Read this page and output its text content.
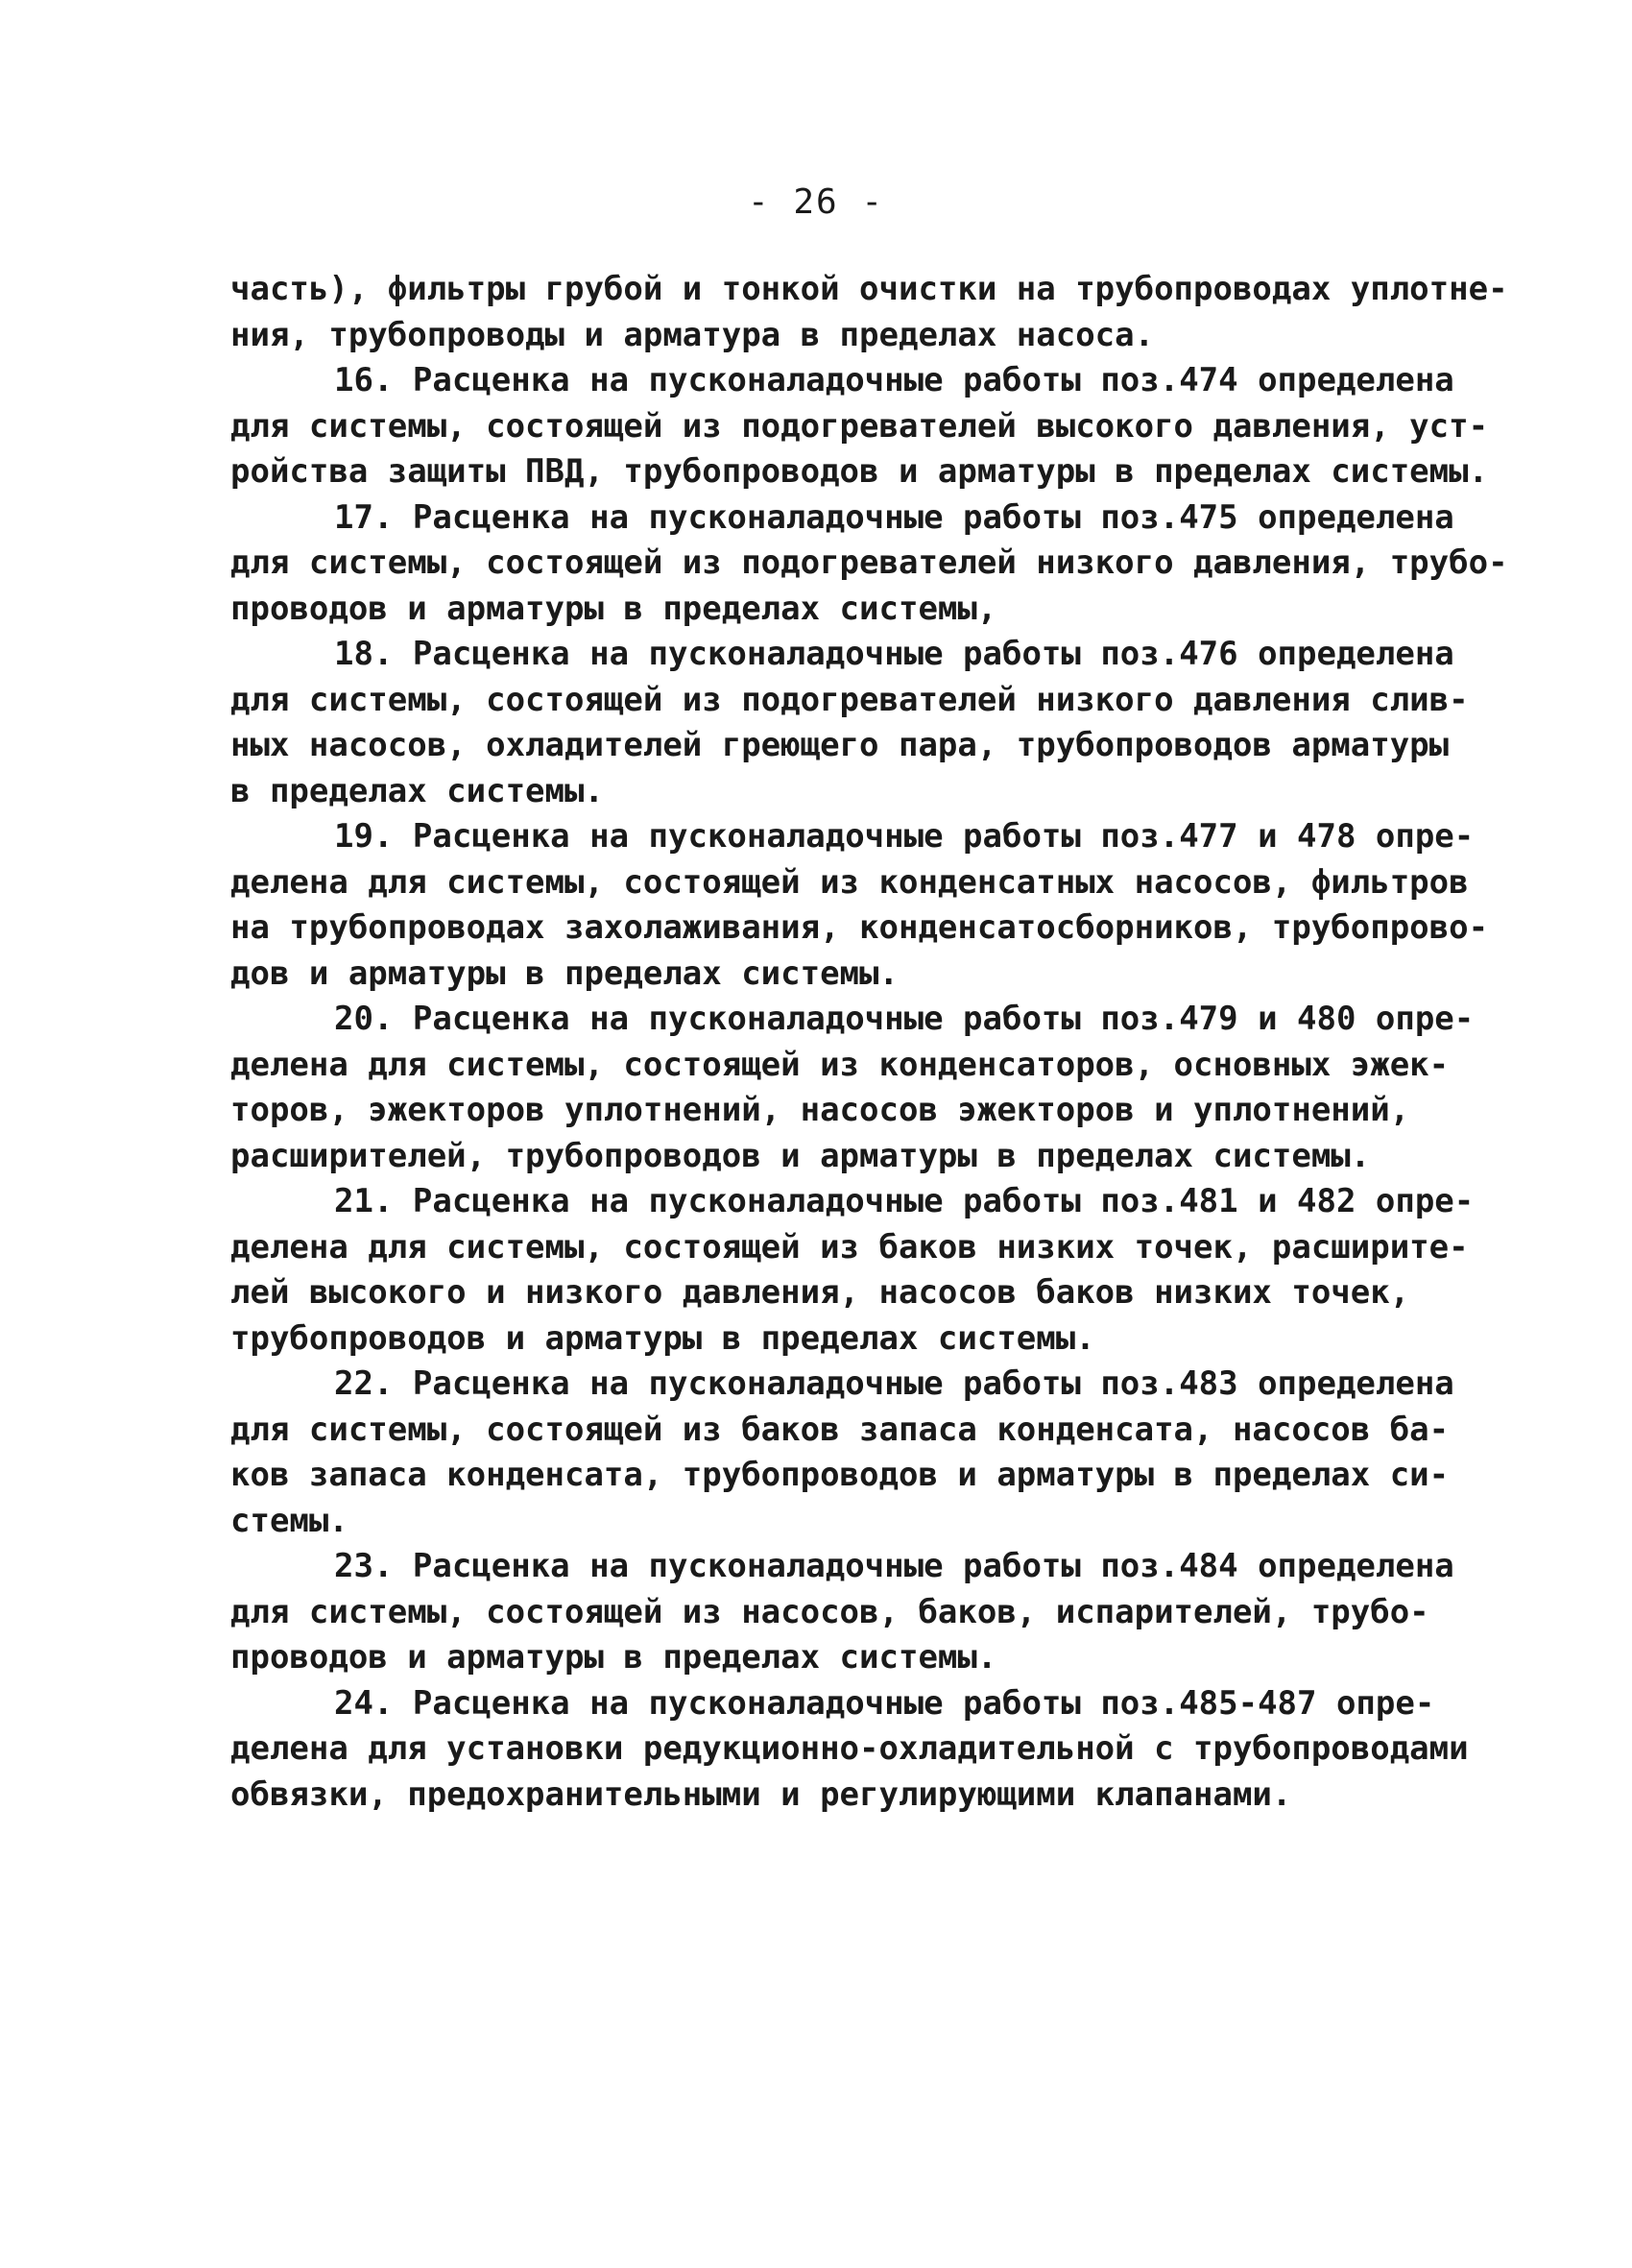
- 26 -
часть), фильтры грубой и тонкой очистки на трубопроводах уплотне-
ния, трубопроводы и арматура в пределах насоса.
16. Расценка на пусконаладочные работы поз.474 определена
для системы, состоящей из подогревателей высокого давления, уст-
ройства защиты ПВД, трубопроводов и арматуры в пределах системы.
17. Расценка на пусконаладочные работы поз.475 определена
для системы, состоящей из подогревателей низкого давления, трубо-
проводов и арматуры в пределах системы,
18. Расценка на пусконаладочные работы поз.476 определена
для системы, состоящей из подогревателей низкого давления слив-
ных насосов, охладителей греющего пара, трубопроводов арматуры
в пределах системы.
19. Расценка на пусконаладочные работы поз.477 и 478 опре-
делена для системы, состоящей из конденсатных насосов, фильтров
на трубопроводах захолаживания, конденсатосборников, трубопрово-
дов и арматуры в пределах системы.
20. Расценка на пусконаладочные работы поз.479 и 480 опре-
делена для системы, состоящей из конденсаторов, основных эжек-
торов, эжекторов уплотнений, насосов эжекторов и уплотнений,
расширителей, трубопроводов и арматуры в пределах системы.
21. Расценка на пусконаладочные работы поз.481 и 482 опре-
делена для системы, состоящей из баков низких точек, расширите-
лей высокого и низкого давления, насосов баков низких точек,
трубопроводов и арматуры в пределах системы.
22. Расценка на пусконаладочные работы поз.483 определена
для системы, состоящей из баков запаса конденсата, насосов ба-
ков запаса конденсата, трубопроводов и арматуры в пределах си-
стемы.
23. Расценка на пусконаладочные работы поз.484 определена
для системы, состоящей из насосов, баков, испарителей, трубо-
проводов и арматуры в пределах системы.
24. Расценка на пусконаладочные работы поз.485-487 опре-
делена для установки редукционно-охладительной с трубопроводами
обвязки, предохранительными и регулирующими клапанами.
